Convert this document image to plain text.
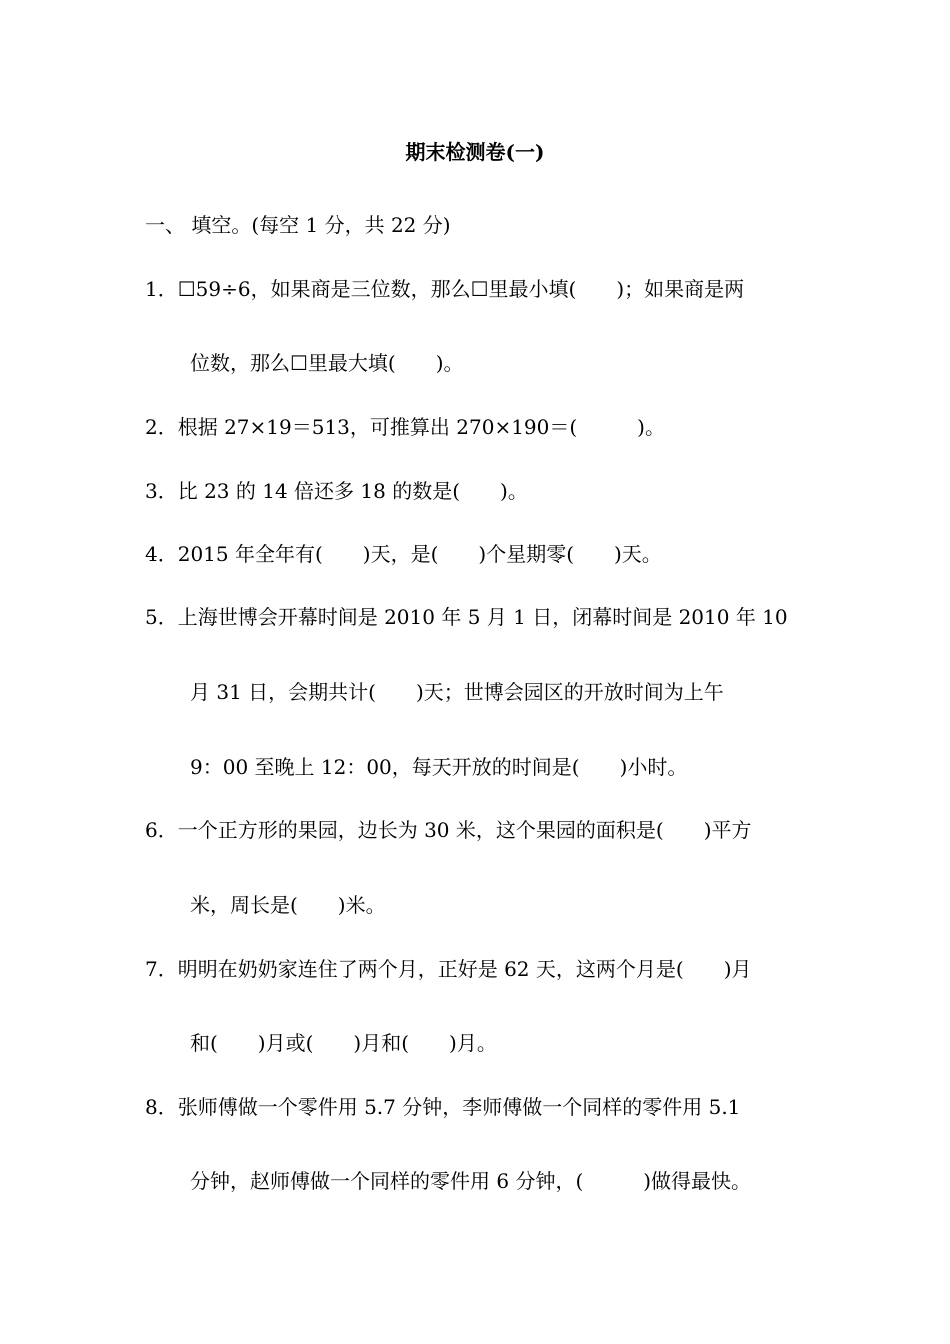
期末检测卷(一)
一、 填空。(每空 1 分，共 22 分)
1．☐59÷6，如果商是三位数，那么☐里最小填(　　)；如果商是两
位数，那么☐里最大填(　　)。
2．根据 27×19＝513，可推算出 270×190＝(　　　)。
3．比 23 的 14 倍还多 18 的数是(　　)。
4．2015 年全年有(　　)天，是(　　)个星期零(　　)天。
5．上海世博会开幕时间是 2010 年 5 月 1 日，闭幕时间是 2010 年 10
月 31 日，会期共计(　　)天；世博会园区的开放时间为上午
9：00 至晚上 12：00，每天开放的时间是(　　)小时。
6．一个正方形的果园，边长为 30 米，这个果园的面积是(　　)平方
米，周长是(　　)米。
7．明明在奶奶家连住了两个月，正好是 62 天，这两个月是(　　)月
和(　　)月或(　　)月和(　　)月。
8．张师傅做一个零件用 5.7 分钟，李师傅做一个同样的零件用 5.1
分钟，赵师傅做一个同样的零件用 6 分钟，(　　　)做得最快。
